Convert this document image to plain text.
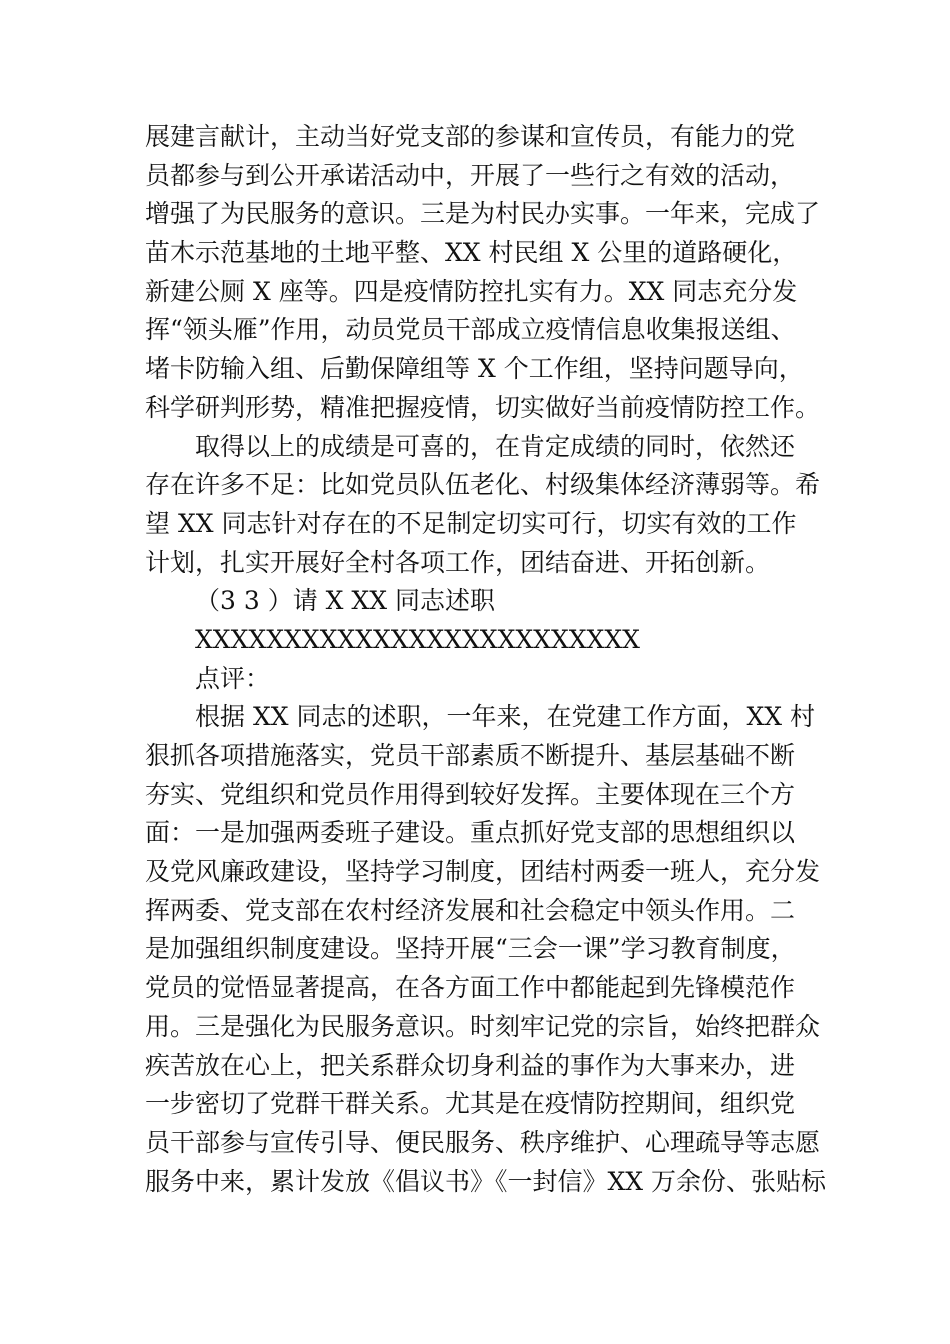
展建言献计，主动当好党支部的参谋和宣传员，有能力的党
员都参与到公开承诺活动中，开展了一些行之有效的活动，
增强了为民服务的意识。三是为村民办实事。一年来，完成了
苗木示范基地的土地平整、XX 村民组 X 公里的道路硬化，
新建公厕 X 座等。四是疫情防控扎实有力。XX 同志充分发
挥“领头雁”作用，动员党员干部成立疫情信息收集报送组、
堵卡防输入组、后勤保障组等 X 个工作组，坚持问题导向，
科学研判形势，精准把握疫情，切实做好当前疫情防控工作。
取得以上的成绩是可喜的，在肯定成绩的同时，依然还
存在许多不足：比如党员队伍老化、村级集体经济薄弱等。希
望 XX 同志针对存在的不足制定切实可行，切实有效的工作
计划，扎实开展好全村各项工作，团结奋进、开拓创新。
（3 3 ）请 X XX 同志述职
XXXXXXXXXXXXXXXXXXXXXXXXX
点评：
根据 XX 同志的述职，一年来，在党建工作方面，XX 村
狠抓各项措施落实，党员干部素质不断提升、基层基础不断
夯实、党组织和党员作用得到较好发挥。主要体现在三个方
面：一是加强两委班子建设。重点抓好党支部的思想组织以
及党风廉政建设，坚持学习制度，团结村两委一班人，充分发
挥两委、党支部在农村经济发展和社会稳定中领头作用。二
是加强组织制度建设。坚持开展“三会一课”学习教育制度，
党员的觉悟显著提高，在各方面工作中都能起到先锋模范作
用。三是强化为民服务意识。时刻牢记党的宗旨，始终把群众
疾苦放在心上，把关系群众切身利益的事作为大事来办，进
一步密切了党群干群关系。尤其是在疫情防控期间，组织党
员干部参与宣传引导、便民服务、秩序维护、心理疏导等志愿
服务中来，累计发放《倡议书》《一封信》XX 万余份、张贴标
